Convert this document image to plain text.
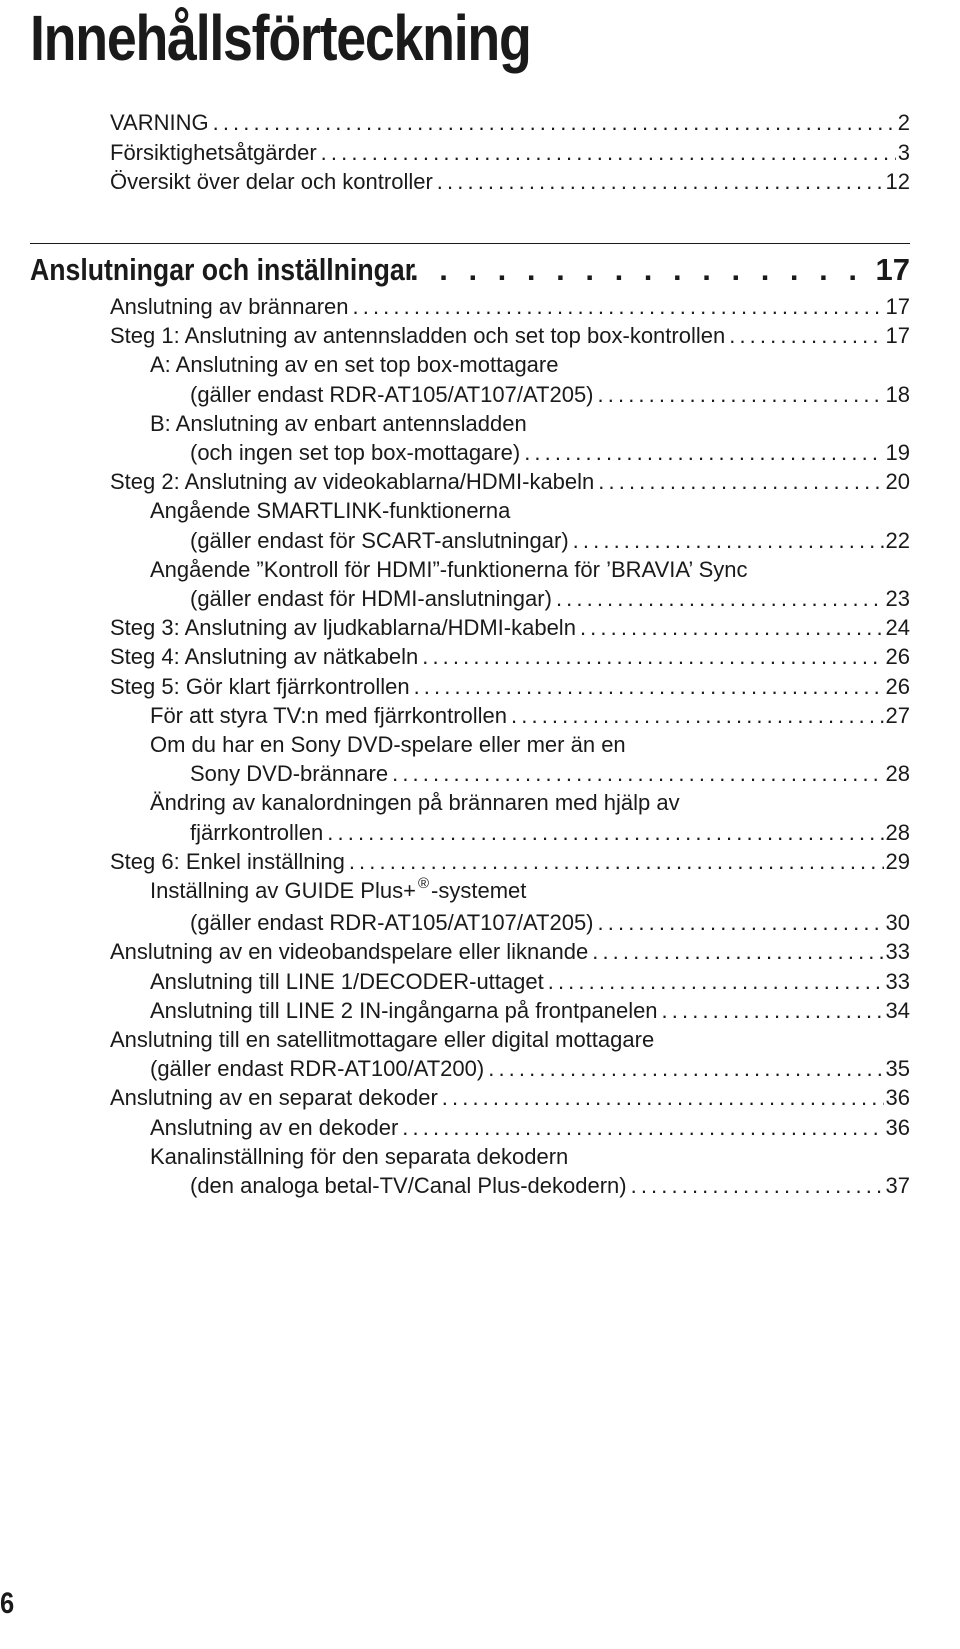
Innehållsförteckning
VARNING . . .	2
Försiktighetsåtgärder . . .	3
Översikt över delar och kontroller . . .	12
Anslutningar och inställningar . . .	17
Anslutning av brännaren . . .	17
Steg 1: Anslutning av antennsladden och set top box-kontrollen . . .	17
A: Anslutning av en set top box-mottagare
(gäller endast RDR-AT105/AT107/AT205) . . .	18
B: Anslutning av enbart antennsladden
(och ingen set top box-mottagare) . . .	19
Steg 2: Anslutning av videokablarna/HDMI-kabeln . . .	20
Angående SMARTLINK-funktionerna
(gäller endast för SCART-anslutningar) . . .	22
Angående ”Kontroll för HDMI”-funktionerna för ’BRAVIA’ Sync
(gäller endast för HDMI-anslutningar) . . .	23
Steg 3: Anslutning av ljudkablarna/HDMI-kabeln . . .	24
Steg 4: Anslutning av nätkabeln . . .	26
Steg 5: Gör klart fjärrkontrollen . . .	26
För att styra TV:n med fjärrkontrollen . . .	27
Om du har en Sony DVD-spelare eller mer än en
Sony DVD-brännare . . .	28
Ändring av kanalordningen på brännaren med hjälp av
fjärrkontrollen . . .	28
Steg 6: Enkel inställning . . .	29
Inställning av GUIDE Plus+ ®-systemet
(gäller endast RDR-AT105/AT107/AT205) . . .	30
Anslutning av en videobandspelare eller liknande . . .	33
Anslutning till LINE 1/DECODER-uttaget . . .	33
Anslutning till LINE 2 IN-ingångarna på frontpanelen . . .	34
Anslutning till en satellitmottagare eller digital mottagare
(gäller endast RDR-AT100/AT200) . . .	35
Anslutning av en separat dekoder . . .	36
Anslutning av en dekoder . . .	36
Kanalinställning för den separata dekodern
(den analoga betal-TV/Canal Plus-dekodern) . . .	37
6
